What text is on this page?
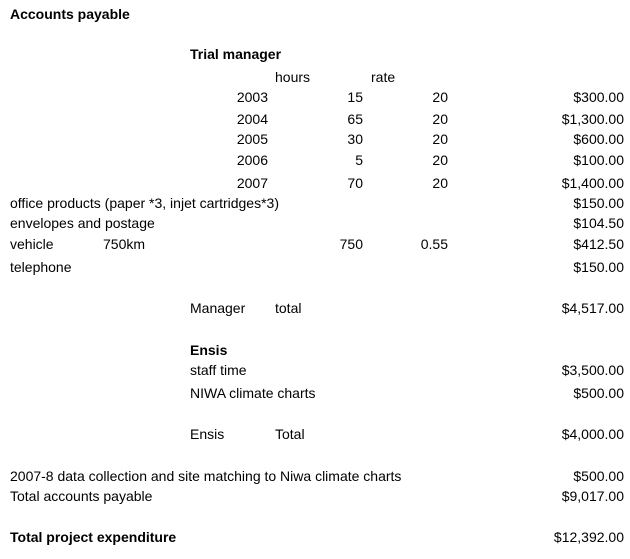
Accounts payable
Trial manager
hours	rate
2003	15	20	$300.00
2004	65	20	$1,300.00
2005	30	20	$600.00
2006	5	20	$100.00
2007	70	20	$1,400.00
office products (paper *3, injet cartridges*3)	$150.00
envelopes and postage	$104.50
vehicle	750km	750	0.55	$412.50
telephone	$150.00
Manager total	$4,517.00
Ensis
staff time	$3,500.00
NIWA climate charts	$500.00
Ensis	Total	$4,000.00
2007-8 data collection and site matching to Niwa climate charts	$500.00
Total accounts payable	$9,017.00
Total project expenditure	$12,392.00
